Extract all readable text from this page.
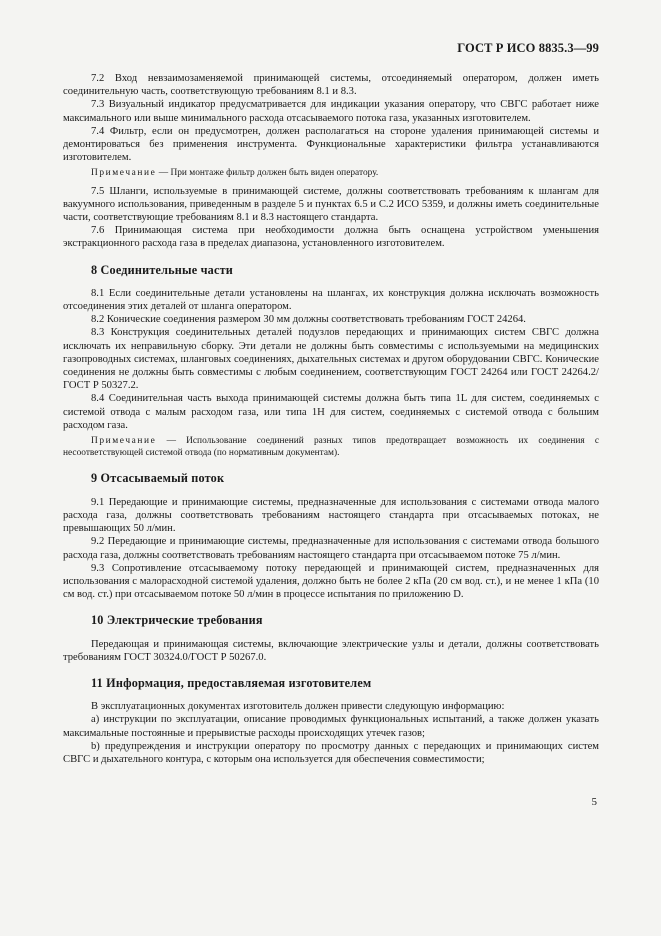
ГОСТ Р ИСО 8835.3—99

7.2 Вход невзаимозаменяемой принимающей системы, отсоединяемый оператором, должен иметь соединительную часть, соответствующую требованиям 8.1 и 8.3.

7.3 Визуальный индикатор предусматривается для индикации указания оператору, что СВГС работает ниже максимального или выше минимального расхода отсасываемого потока газа, указанных изготовителем.

7.4 Фильтр, если он предусмотрен, должен располагаться на стороне удаления принимающей системы и демонтироваться без применения инструмента. Функциональные характеристики фильтра устанавливаются изготовителем.

Примечание — При монтаже фильтр должен быть виден оператору.

7.5 Шланги, используемые в принимающей системе, должны соответствовать требованиям к шлангам для вакуумного использования, приведенным в разделе 5 и пунктах 6.5 и С.2 ИСО 5359, и должны иметь соединительные части, соответствующие требованиям 8.1 и 8.3 настоящего стандарта.

7.6 Принимающая система при необходимости должна быть оснащена устройством уменьшения экстракционного расхода газа в пределах диапазона, установленного изготовителем.

8 Соединительные части

8.1 Если соединительные детали установлены на шлангах, их конструкция должна исключать возможность отсоединения этих деталей от шланга оператором.

8.2 Конические соединения размером 30 мм должны соответствовать требованиям ГОСТ 24264.

8.3 Конструкция соединительных деталей подузлов передающих и принимающих систем СВГС должна исключать их неправильную сборку. Эти детали не должны быть совместимы с используемыми на медицинских газопроводных системах, шланговых соединениях, дыхательных системах и другом оборудовании СВГС. Конические соединения не должны быть совместимы с любым соединением, соответствующим ГОСТ 24264 или ГОСТ 24264.2/ГОСТ Р 50327.2.

8.4 Соединительная часть выхода принимающей системы должна быть типа 1L для систем, соединяемых с системой отвода с малым расходом газа, или типа 1H для систем, соединяемых с системой отвода с большим расходом газа.

Примечание — Использование соединений разных типов предотвращает возможность их соединения с несоответствующей системой отвода (по нормативным документам).

9 Отсасываемый поток

9.1 Передающие и принимающие системы, предназначенные для использования с системами отвода малого расхода газа, должны соответствовать требованиям настоящего стандарта при отсасываемых потоках, не превышающих 50 л/мин.

9.2 Передающие и принимающие системы, предназначенные для использования с системами отвода большого расхода газа, должны соответствовать требованиям настоящего стандарта при отсасываемом потоке 75 л/мин.

9.3 Сопротивление отсасываемому потоку передающей и принимающей систем, предназначенных для использования с малорасходной системой удаления, должно быть не более 2 кПа (20 см вод. ст.), и не менее 1 кПа (10 см вод. ст.) при отсасываемом потоке 50 л/мин в процессе испытания по приложению D.

10 Электрические требования

Передающая и принимающая системы, включающие электрические узлы и детали, должны соответствовать требованиям ГОСТ 30324.0/ГОСТ Р 50267.0.

11 Информация, предоставляемая изготовителем

В эксплуатационных документах изготовитель должен привести следующую информацию:

a) инструкции по эксплуатации, описание проводимых функциональных испытаний, а также должен указать максимальные постоянные и прерывистые расходы происходящих утечек газов;

b) предупреждения и инструкции оператору по просмотру данных с передающих и принимающих систем СВГС и дыхательного контура, с которым она используется для обеспечения совместимости;

5
